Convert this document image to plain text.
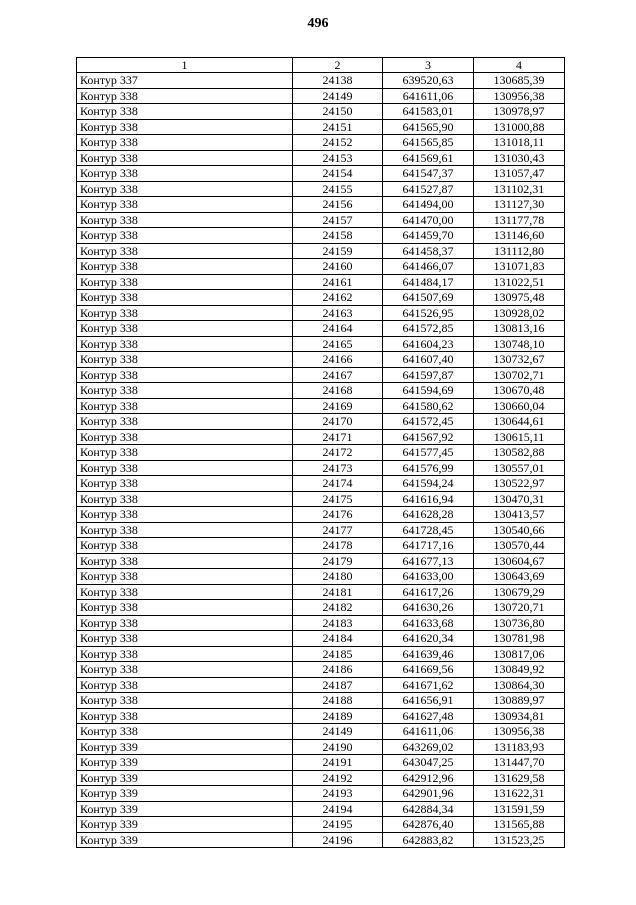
496
1	2	3	4
Контур 337	24138	639520,63	130685,39
Контур 338	24149	641611,06	130956,38
Контур 338	24150	641583,01	130978,97
Контур 338	24151	641565,90	131000,88
Контур 338	24152	641565,85	131018,11
Контур 338	24153	641569,61	131030,43
Контур 338	24154	641547,37	131057,47
Контур 338	24155	641527,87	131102,31
Контур 338	24156	641494,00	131127,30
Контур 338	24157	641470,00	131177,78
Контур 338	24158	641459,70	131146,60
Контур 338	24159	641458,37	131112,80
Контур 338	24160	641466,07	131071,83
Контур 338	24161	641484,17	131022,51
Контур 338	24162	641507,69	130975,48
Контур 338	24163	641526,95	130928,02
Контур 338	24164	641572,85	130813,16
Контур 338	24165	641604,23	130748,10
Контур 338	24166	641607,40	130732,67
Контур 338	24167	641597,87	130702,71
Контур 338	24168	641594,69	130670,48
Контур 338	24169	641580,62	130660,04
Контур 338	24170	641572,45	130644,61
Контур 338	24171	641567,92	130615,11
Контур 338	24172	641577,45	130582,88
Контур 338	24173	641576,99	130557,01
Контур 338	24174	641594,24	130522,97
Контур 338	24175	641616,94	130470,31
Контур 338	24176	641628,28	130413,57
Контур 338	24177	641728,45	130540,66
Контур 338	24178	641717,16	130570,44
Контур 338	24179	641677,13	130604,67
Контур 338	24180	641633,00	130643,69
Контур 338	24181	641617,26	130679,29
Контур 338	24182	641630,26	130720,71
Контур 338	24183	641633,68	130736,80
Контур 338	24184	641620,34	130781,98
Контур 338	24185	641639,46	130817,06
Контур 338	24186	641669,56	130849,92
Контур 338	24187	641671,62	130864,30
Контур 338	24188	641656,91	130889,97
Контур 338	24189	641627,48	130934,81
Контур 338	24149	641611,06	130956,38
Контур 339	24190	643269,02	131183,93
Контур 339	24191	643047,25	131447,70
Контур 339	24192	642912,96	131629,58
Контур 339	24193	642901,96	131622,31
Контур 339	24194	642884,34	131591,59
Контур 339	24195	642876,40	131565,88
Контур 339	24196	642883,82	131523,25
